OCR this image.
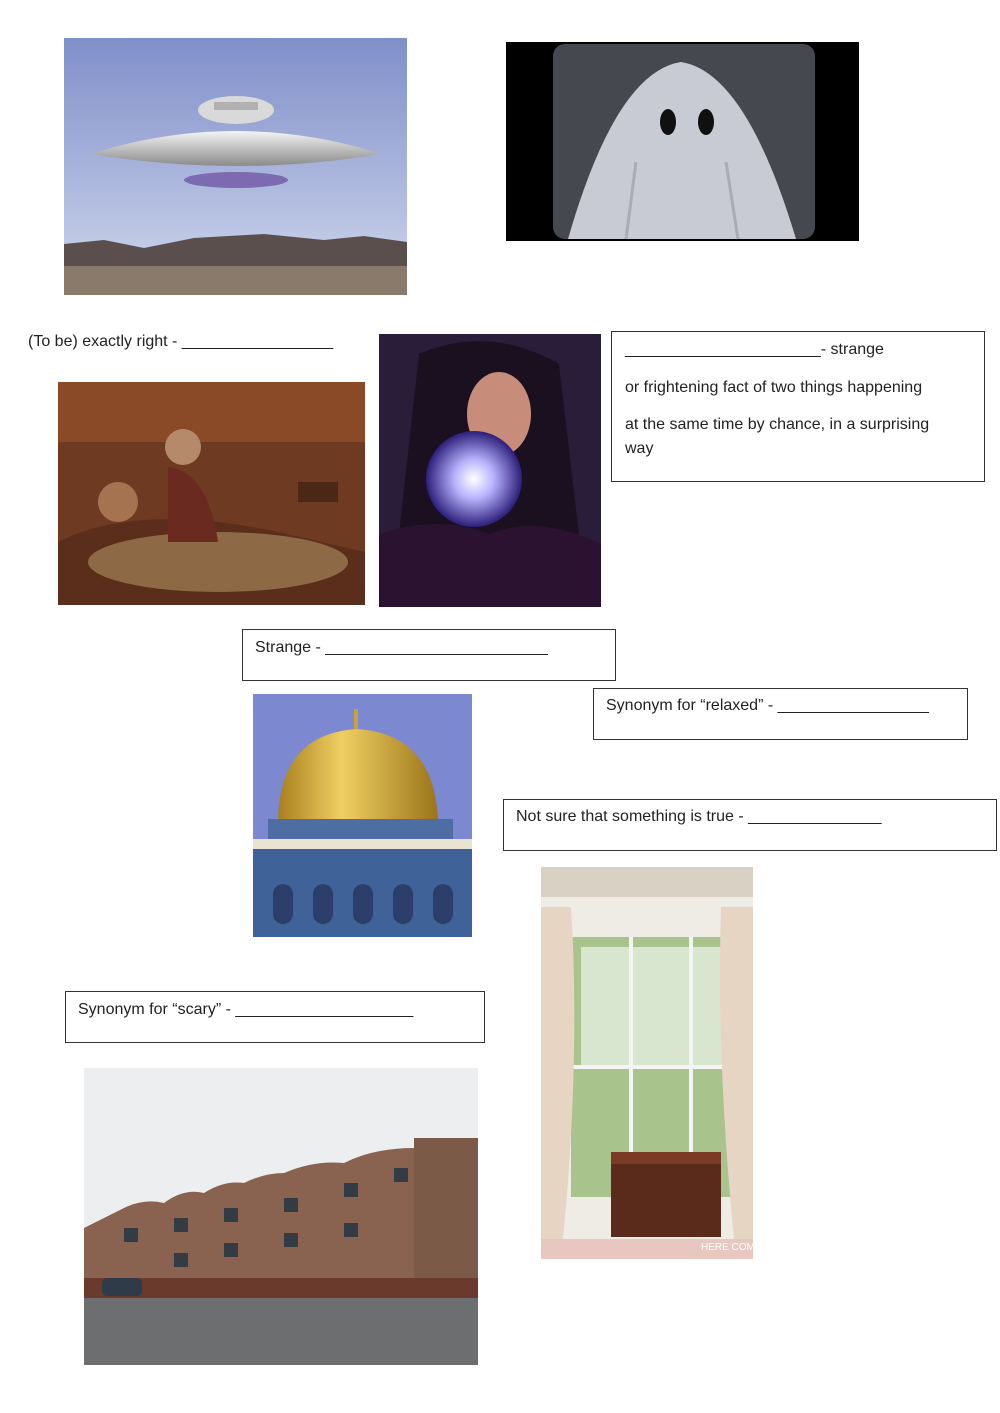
(To be) exactly right - _________________	______________________- strange
or frightening fact of two things happening
at the same time by chance, in a surprising
way
Strange - _________________________
Synonym for “relaxed” - _________________
Not sure that something is true - _______________
HERE COMES
Synonym for “scary” - ____________________
